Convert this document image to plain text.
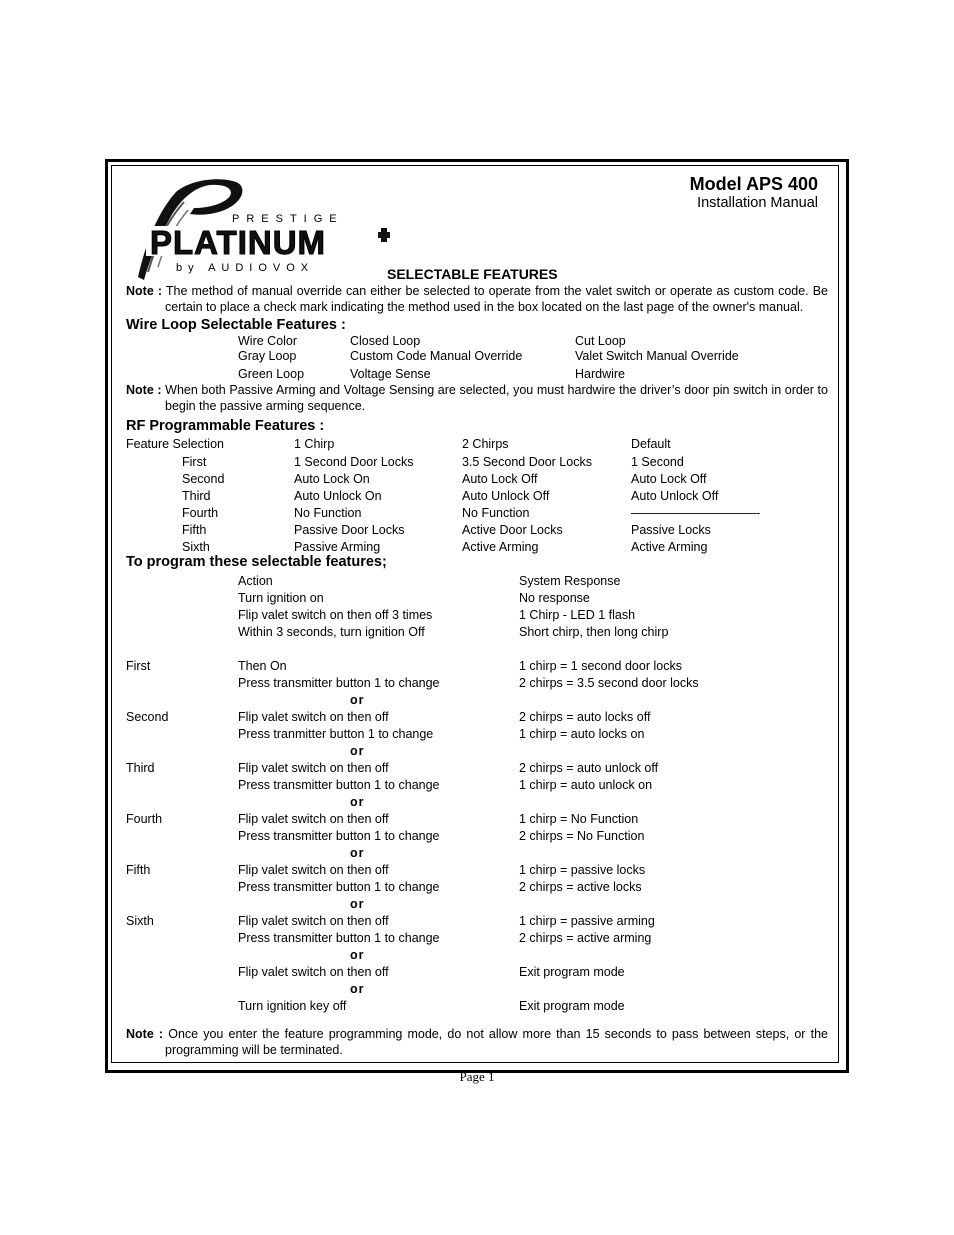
PRESTIGE
PLATINUM
by AUDIOVOX
Model APS 400
Installation Manual
SELECTABLE FEATURES
Note : The method of manual override can either be selected to operate from the valet switch or operate as custom code. Be certain to place a check mark indicating the method used in the box located on the last page of the owner's manual.
Wire Loop Selectable Features :
Wire Color	Closed Loop	Cut Loop
Gray Loop	Custom Code Manual Override	Valet Switch Manual Override
Green Loop	Voltage Sense	Hardwire
Note : When both Passive Arming and Voltage Sensing are selected, you must hardwire the driver’s door pin switch in order to begin the passive arming sequence.
RF Programmable Features :
Feature Selection	1 Chirp	2 Chirps	Default
First	1 Second Door Locks	3.5 Second Door Locks	1 Second
Second	Auto Lock On	Auto Lock Off	Auto Lock Off
Third	Auto Unlock On	Auto Unlock Off	Auto Unlock Off
Fourth	No Function	No Function	——————————-
Fifth	Passive Door Locks	Active Door Locks	Passive Locks
Sixth	Passive Arming	Active Arming	Active Arming
To program these selectable features;
Action	System Response
Turn ignition on	No response
Flip valet switch on then off 3 times	1 Chirp - LED 1 flash
Within 3 seconds, turn ignition Off	Short chirp, then long chirp
First	Then On	1 chirp = 1 second door locks
Press transmitter button 1 to change	2 chirps = 3.5 second door locks
or
Second	Flip valet switch on then off	2 chirps = auto locks off
Press tranmitter button 1 to change	1 chirp = auto locks on
or
Third	Flip valet switch on then off	2 chirps = auto unlock off
Press transmitter button 1 to change	1 chirp = auto unlock on
or
Fourth	Flip valet switch on then off	1 chirp = No Function
Press transmitter button 1 to change	2 chirps = No Function
or
Fifth	Flip valet switch on then off	1 chirp = passive locks
Press transmitter button 1 to change	2 chirps = active locks
or
Sixth	Flip valet switch on then off	1 chirp = passive arming
Press transmitter button 1 to change	2 chirps = active arming
or
Flip valet switch on then off	Exit program mode
or
Turn ignition key off	Exit program mode
Note : Once you enter the feature programming mode, do not allow more than 15 seconds to pass between steps, or the programming will be terminated.
Page 1
